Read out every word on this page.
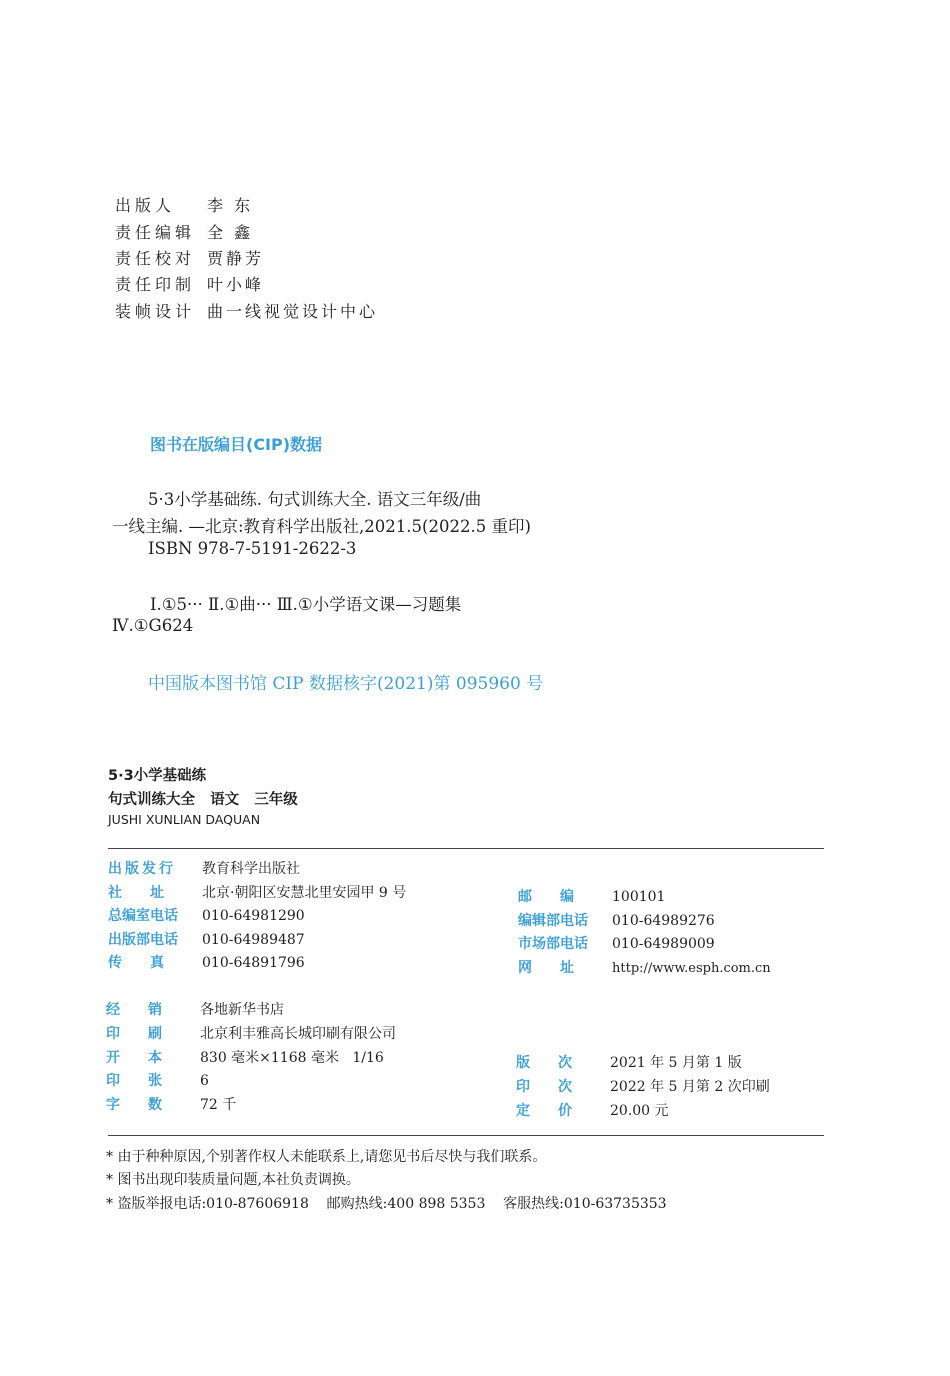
出版人 李 东
责任编辑 全 鑫
责任校对 贾静芳
责任印制 叶小峰
装帧设计 曲一线视觉设计中心
图书在版编目(CIP)数据
5·3小学基础练. 句式训练大全. 语文三年级/曲
一线主编. —北京:教育科学出版社,2021.5(2022.5 重印)
ISBN 978-7-5191-2622-3
Ⅰ.①5··· Ⅱ.①曲··· Ⅲ.①小学语文课—习题集
Ⅳ.①G624
中国版本图书馆 CIP 数据核字(2021)第 095960 号
5·3小学基础练
句式训练大全   语文   三年级
JUSHI XUNLIAN DAQUAN
出版发行 教育科学出版社
社　　址	北京·朝阳区安慧北里安园甲 9 号
总编室电话 010-64981290
出版部电话 010-64989487
传　　真	010-64891796
邮　　编	100101
编辑部电话 010-64989276
市场部电话 010-64989009
网　　址	http://www.esph.com.cn
经　　销	各地新华书店
印　　刷	北京利丰雅高长城印刷有限公司
开　　本	830 毫米×1168 毫米   1/16
印　　张	6
字　　数	72 千
版　　次	2021 年 5 月第 1 版
印　　次	2022 年 5 月第 2 次印刷
定　　价	20.00 元
* 由于种种原因,个别著作权人未能联系上,请您见书后尽快与我们联系。
* 图书出现印装质量问题,本社负责调换。
* 盗版举报电话:010-87606918    邮购热线:400 898 5353    客服热线:010-63735353
